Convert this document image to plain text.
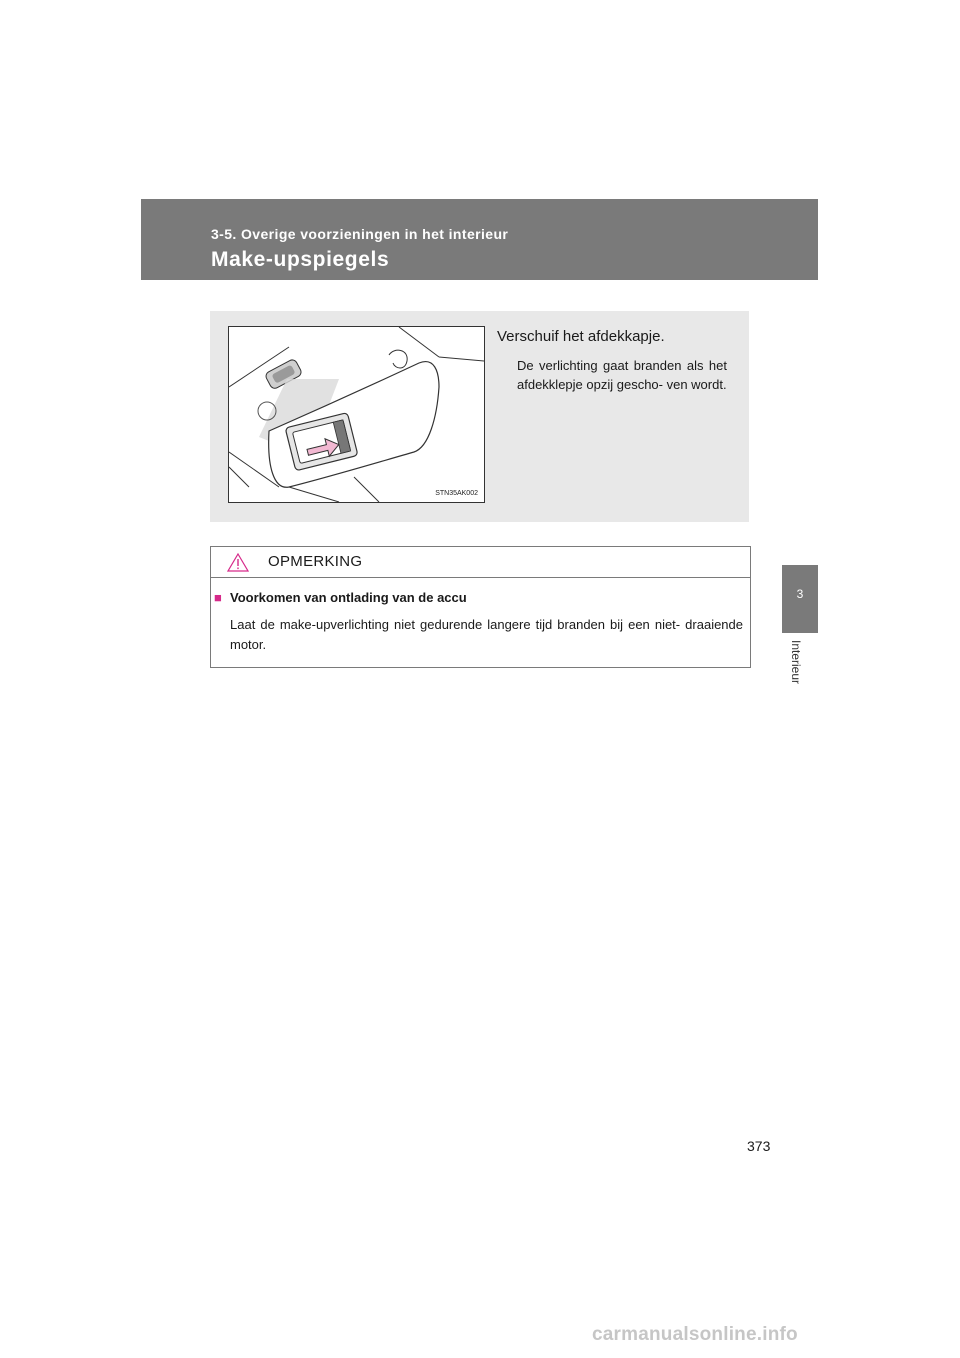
3-5. Overige voorzieningen in het interieur
Make-upspiegels
3
Interieur
STN35AK002
Verschuif het afdekkapje.
De verlichting gaat branden als het afdekklepje opzij gescho- ven wordt.
OPMERKING
■ Voorkomen van ontlading van de accu
Laat de make-upverlichting niet gedurende langere tijd branden bij een niet- draaiende motor.
373
carmanualsonline.info
